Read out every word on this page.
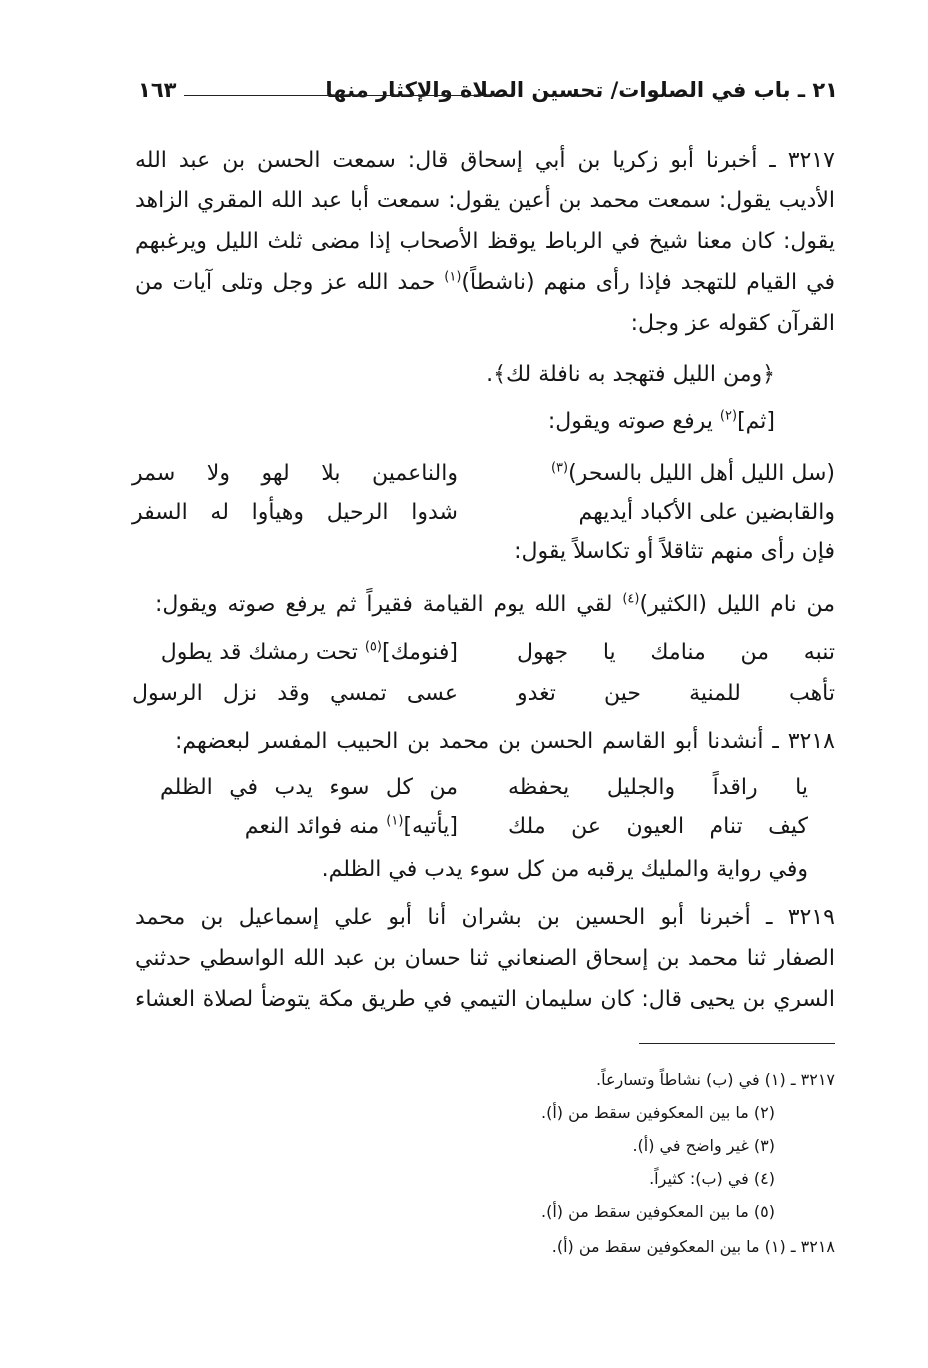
٢١ ـ باب في الصلوات/ تحسين الصلاة والإكثار منها
١٦٣
٣٢١٧ ـ أخبرنا أبو زكريا بن أبي إسحاق قال: سمعت الحسن بن عبد الله
الأديب يقول: سمعت محمد بن أعين يقول: سمعت أبا عبد الله المقري الزاهد
يقول: كان معنا شيخ في الرباط يوقظ الأصحاب إذا مضى ثلث الليل ويرغبهم
في القيام للتهجد فإذا رأى منهم (ناشطاً)$^{(١)}$ حمد الله عز وجل وتلى آيات من
القرآن كقوله عز وجل:
﴿ومن الليل فتهجد به نافلة لك﴾.
[ثم]$^{(٢)}$ يرفع صوته ويقول:
(سل الليل أهل الليل بالسحر)$^{(٣)}$
والناعمين بلا لهو ولا سمر
والقابضين على الأكباد أيديهم
شدوا الرحيل وهيأوا له السفر
فإن رأى منهم تثاقلاً أو تكاسلاً يقول:
من نام الليل (الكثير)$^{(٤)}$ لقي الله يوم القيامة فقيراً ثم يرفع صوته ويقول:
تنبه من منامك يا جهول
[فنومك]$^{(٥)}$ تحت رمشك قد يطول
تأهب للمنية حين تغدو
عسى تمسي وقد نزل الرسول
٣٢١٨ ـ أنشدنا أبو القاسم الحسن بن محمد بن الحبيب المفسر لبعضهم:
يا راقداً والجليل يحفظه
من كل سوء يدب في الظلم
كيف تنام العيون عن ملك
[يأتيه]$^{(١)}$ منه فوائد النعم
وفي رواية والمليك يرقبه من كل سوء يدب في الظلم.
٣٢١٩ ـ أخبرنا أبو الحسين بن بشران أنا أبو علي إسماعيل بن محمد
الصفار ثنا محمد بن إسحاق الصنعاني ثنا حسان بن عبد الله الواسطي حدثني
السري بن يحيى قال: كان سليمان التيمي في طريق مكة يتوضأ لصلاة العشاء
٣٢١٧ ـ (١) في (ب) نشاطاً وتسارعاً.
(٢) ما بين المعكوفين سقط من (أ).
(٣) غير واضح في (أ).
(٤) في (ب): كثيراً.
(٥) ما بين المعكوفين سقط من (أ).
٣٢١٨ ـ (١) ما بين المعكوفين سقط من (أ).
